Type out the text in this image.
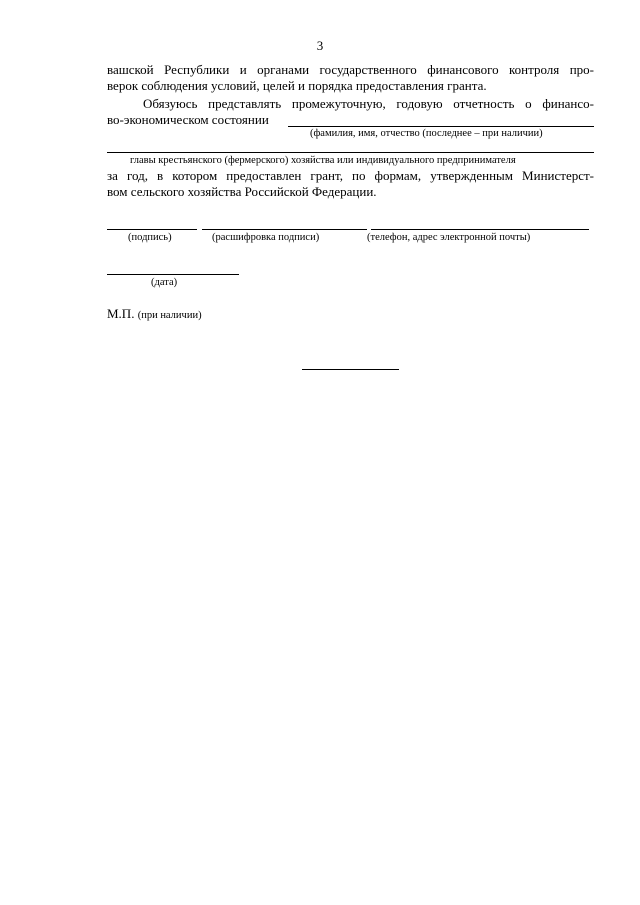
3
вашской Республики и органами государственного финансового контроля про-
верок соблюдения условий, целей и порядка предоставления гранта.
Обязуюсь представлять промежуточную, годовую отчетность о финансо-
во-экономическом состоянии
(фамилия, имя, отчество (последнее – при наличии)
главы крестьянского (фермерского) хозяйства или индивидуального предпринимателя
за год, в котором предоставлен грант, по формам, утвержденным Министерст-
вом сельского хозяйства Российской Федерации.
(подпись)	(расшифровка подписи)	(телефон, адрес электронной почты)
(дата)
М.П. (при наличии)
